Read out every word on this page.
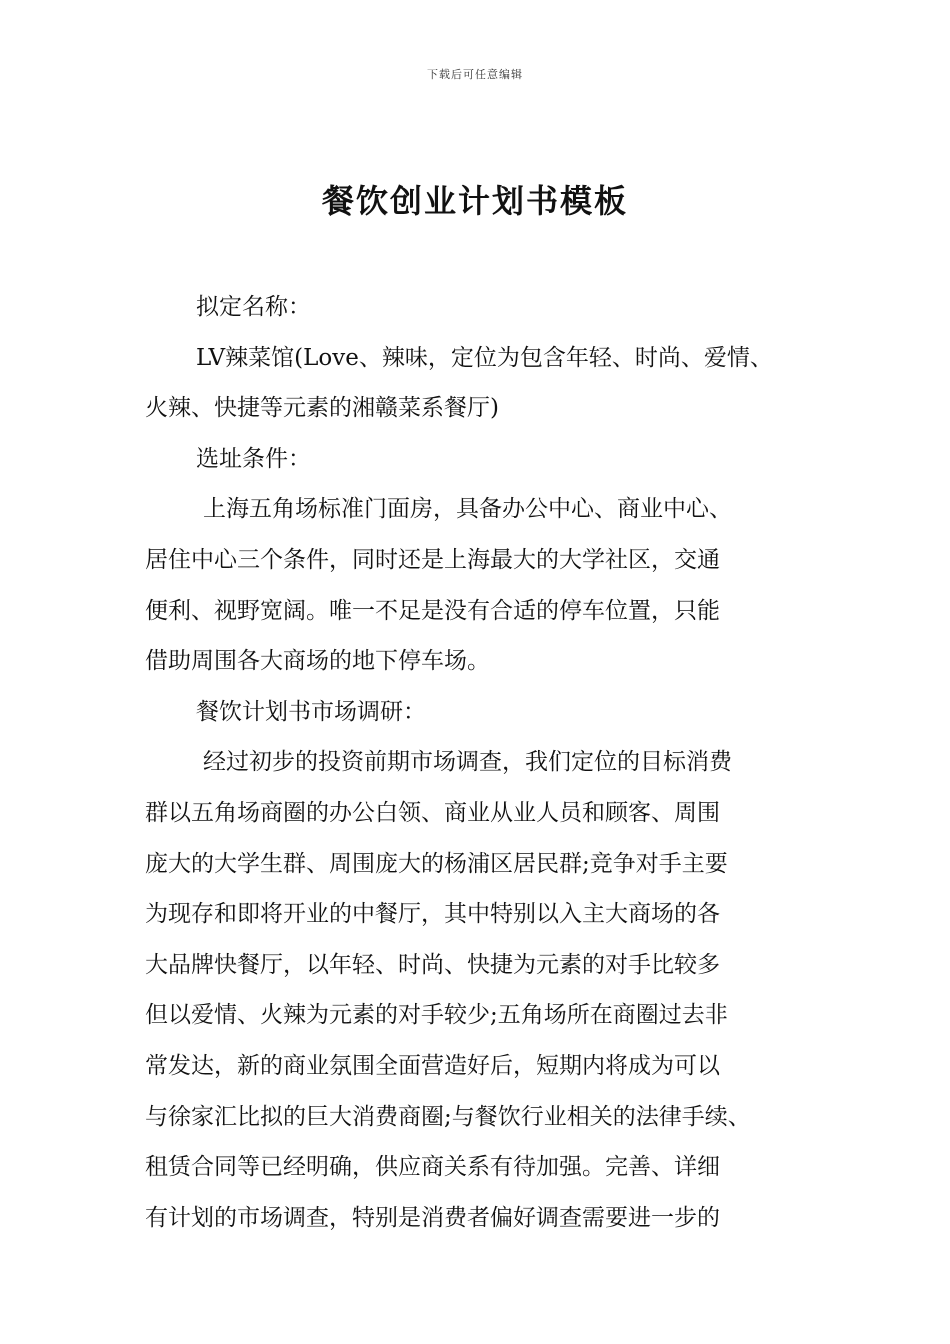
下载后可任意编辑
餐饮创业计划书模板
拟定名称：
LV辣菜馆(Love、辣味，定位为包含年轻、时尚、爱情、
火辣、快捷等元素的湘赣菜系餐厅)
选址条件：
上海五角场标准门面房，具备办公中心、商业中心、
居住中心三个条件，同时还是上海最大的大学社区，交通
便利、视野宽阔。唯一不足是没有合适的停车位置，只能
借助周围各大商场的地下停车场。
餐饮计划书市场调研：
经过初步的投资前期市场调查，我们定位的目标消费
群以五角场商圈的办公白领、商业从业人员和顾客、周围
庞大的大学生群、周围庞大的杨浦区居民群;竞争对手主要
为现存和即将开业的中餐厅，其中特别以入主大商场的各
大品牌快餐厅，以年轻、时尚、快捷为元素的对手比较多
但以爱情、火辣为元素的对手较少;五角场所在商圈过去非
常发达，新的商业氛围全面营造好后，短期内将成为可以
与徐家汇比拟的巨大消费商圈;与餐饮行业相关的法律手续、
租赁合同等已经明确，供应商关系有待加强。完善、详细
有计划的市场调查，特别是消费者偏好调查需要进一步的
